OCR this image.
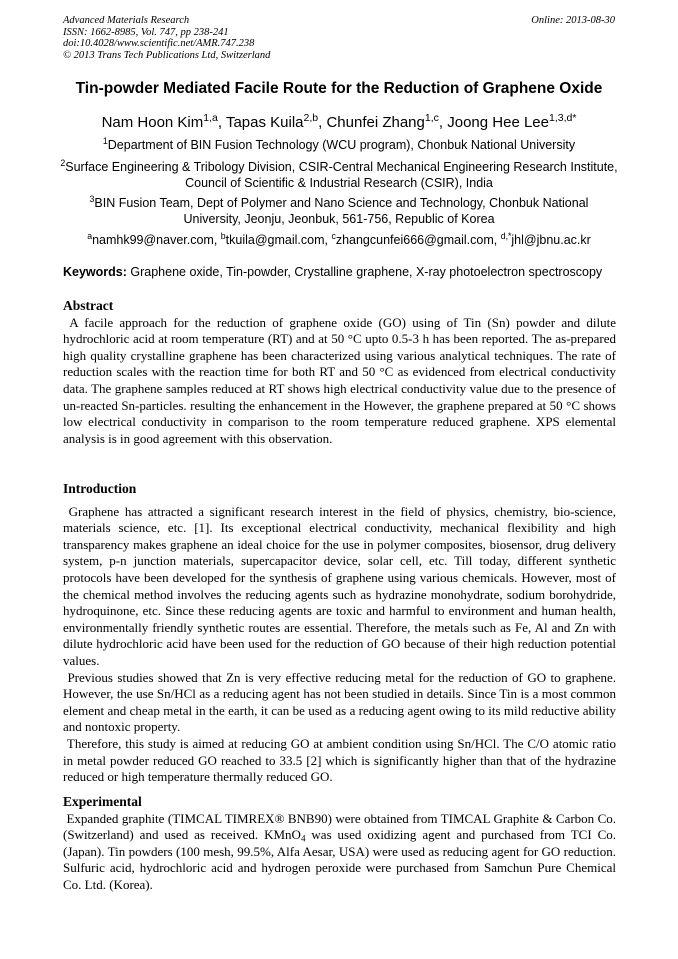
Advanced Materials Research
ISSN: 1662-8985, Vol. 747, pp 238-241
doi:10.4028/www.scientific.net/AMR.747.238
© 2013 Trans Tech Publications Ltd, Switzerland
Online: 2013-08-30
Tin-powder Mediated Facile Route for the Reduction of Graphene Oxide
Nam Hoon Kim$^{1,a}$, Tapas Kuila$^{2,b}$, Chunfei Zhang$^{1,c}$, Joong Hee Lee$^{1,3,d*}$
$^1$Department of BIN Fusion Technology (WCU program), Chonbuk National University
$^2$Surface Engineering & Tribology Division, CSIR-Central Mechanical Engineering Research Institute, Council of Scientific & Industrial Research (CSIR), India
$^3$BIN Fusion Team, Dept of Polymer and Nano Science and Technology, Chonbuk National University, Jeonju, Jeonbuk, 561-756, Republic of Korea
$^a$namhk99@naver.com, $^b$tkuila@gmail.com, $^c$zhangcunfei666@gmail.com, $^{d,*}$jhl@jbnu.ac.kr
Keywords: Graphene oxide, Tin-powder, Crystalline graphene, X-ray photoelectron spectroscopy

Abstract

A facile approach for the reduction of graphene oxide (GO) using of Tin (Sn) powder and dilute hydrochloric acid at room temperature (RT) and at 50 °C upto 0.5-3 h has been reported. The as-prepared high quality crystalline graphene has been characterized using various analytical techniques. The rate of reduction scales with the reaction time for both RT and 50 °C as evidenced from electrical conductivity data. The graphene samples reduced at RT shows high electrical conductivity value due to the presence of un-reacted Sn-particles. resulting the enhancement in the However, the graphene prepared at 50 °C shows low electrical conductivity in comparison to the room temperature reduced graphene. XPS elemental analysis is in good agreement with this observation.

Introduction

Graphene has attracted a significant research interest in the field of physics, chemistry, bio-science, materials science, etc. [1]. Its exceptional electrical conductivity, mechanical flexibility and high transparency makes graphene an ideal choice for the use in polymer composites, biosensor, drug delivery system, p-n junction materials, supercapacitor device, solar cell, etc. Till today, different synthetic protocols have been developed for the synthesis of graphene using various chemicals. However, most of the chemical method involves the reducing agents such as hydrazine monohydrate, sodium borohydride, hydroquinone, etc. Since these reducing agents are toxic and harmful to environment and human health, environmentally friendly synthetic routes are essential. Therefore, the metals such as Fe, Al and Zn with dilute hydrochloric acid have been used for the reduction of GO because of their high reduction potential values.

Previous studies showed that Zn is very effective reducing metal for the reduction of GO to graphene. However, the use Sn/HCl as a reducing agent has not been studied in details. Since Tin is a most common element and cheap metal in the earth, it can be used as a reducing agent owing to its mild reductive ability and nontoxic property.

Therefore, this study is aimed at reducing GO at ambient condition using Sn/HCl. The C/O atomic ratio in metal powder reduced GO reached to 33.5 [2] which is significantly higher than that of the hydrazine reduced or high temperature thermally reduced GO.

Experimental

Expanded graphite (TIMCAL TIMREX® BNB90) were obtained from TIMCAL Graphite & Carbon Co. (Switzerland) and used as received. KMnO$_4$ was used oxidizing agent and purchased from TCI Co. (Japan). Tin powders (100 mesh, 99.5%, Alfa Aesar, USA) were used as reducing agent for GO reduction. Sulfuric acid, hydrochloric acid and hydrogen peroxide were purchased from Samchun Pure Chemical Co. Ltd. (Korea).
